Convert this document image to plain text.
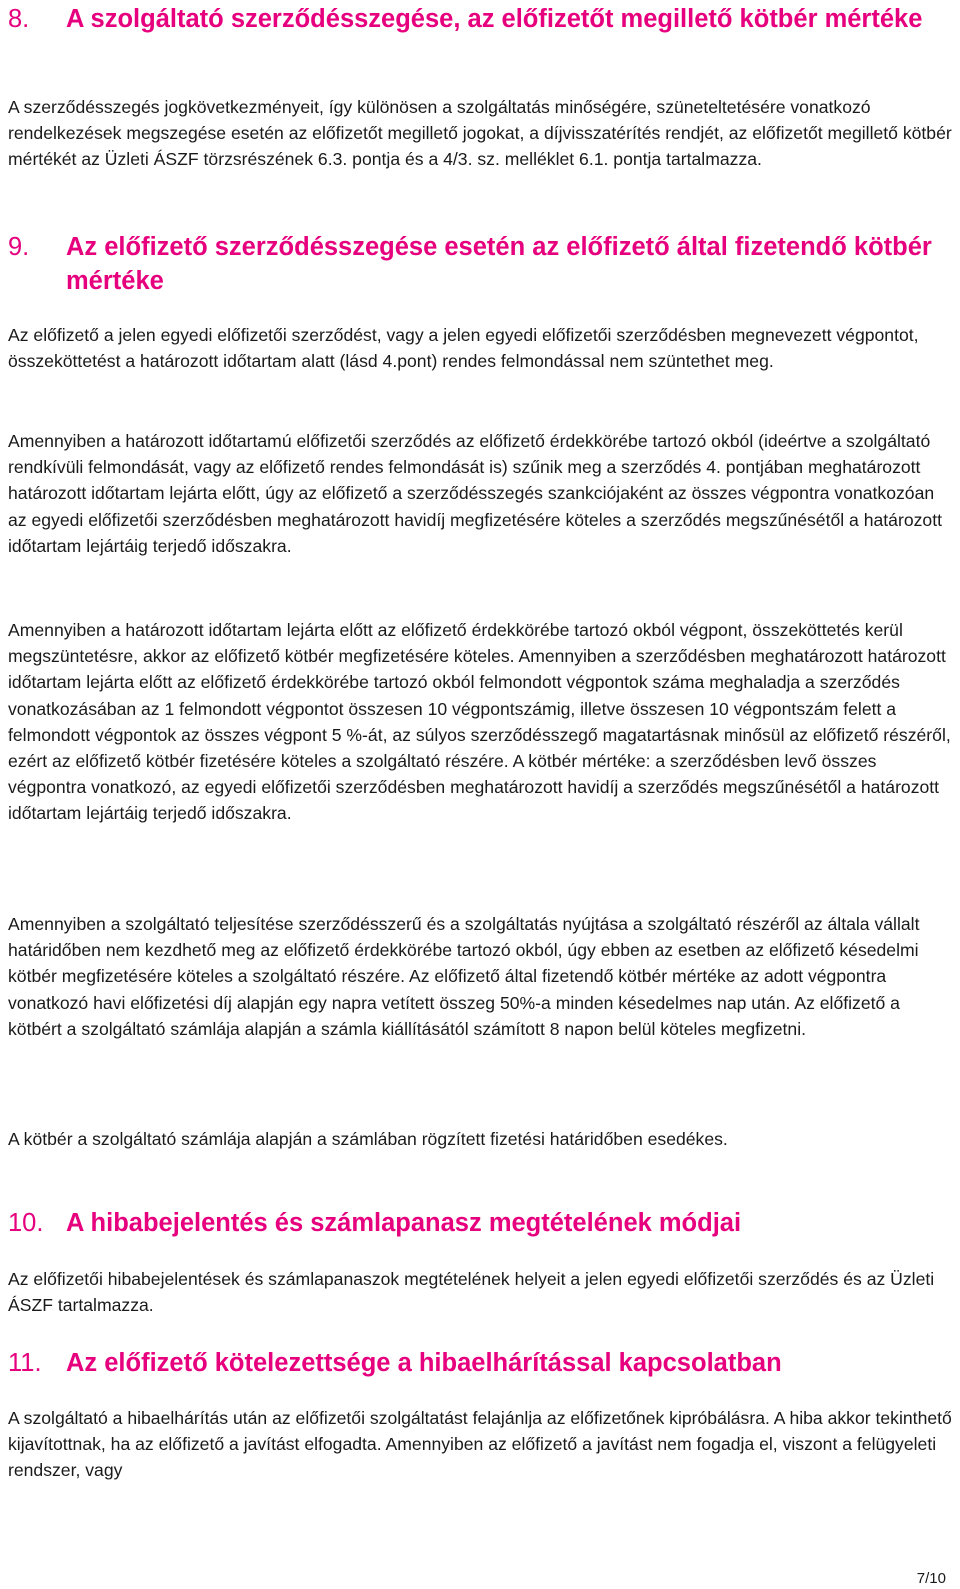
8.	A szolgáltató szerződésszegése, az előfizetőt megillető kötbér mértéke

A szerződésszegés jogkövetkezményeit, így különösen a szolgáltatás minőségére, szüneteltetésére vonatkozó rendelkezések megszegése esetén az előfizetőt megillető jogokat, a díjvisszatérítés rendjét, az előfizetőt megillető kötbér mértékét az Üzleti ÁSZF törzsrészének 6.3. pontja és a 4/3. sz. melléklet 6.1. pontja tartalmazza.

9.	Az előfizető szerződésszegése esetén az előfizető által fizetendő kötbér mértéke

Az előfizető a jelen egyedi előfizetői szerződést, vagy a jelen egyedi előfizetői szerződésben megnevezett végpontot, összeköttetést a határozott időtartam alatt (lásd 4.pont) rendes felmondással nem szüntethet meg.

Amennyiben a határozott időtartamú előfizetői szerződés az előfizető érdekkörébe tartozó okból (ideértve a szolgáltató rendkívüli felmondását, vagy az előfizető rendes felmondását is) szűnik meg a szerződés 4. pontjában meghatározott határozott időtartam lejárta előtt, úgy az előfizető a szerződésszegés szankciójaként az összes végpontra vonatkozóan az egyedi előfizetői szerződésben meghatározott havidíj megfizetésére köteles a szerződés megszűnésétől a határozott időtartam lejártáig terjedő időszakra.

Amennyiben a határozott időtartam lejárta előtt az előfizető érdekkörébe tartozó okból végpont, összeköttetés kerül megszüntetésre, akkor az előfizető kötbér megfizetésére köteles. Amennyiben a szerződésben meghatározott határozott időtartam lejárta előtt az előfizető érdekkörébe tartozó okból felmondott végpontok száma meghaladja a szerződés vonatkozásában az 1 felmondott végpontot összesen 10 végpontszámig, illetve összesen 10 végpontszám felett a felmondott végpontok az összes végpont 5 %-át, az súlyos szerződésszegő magatartásnak minősül az előfizető részéről, ezért az előfizető kötbér fizetésére köteles a szolgáltató részére. A kötbér mértéke: a szerződésben levő összes végpontra vonatkozó, az egyedi előfizetői szerződésben meghatározott havidíj a szerződés megszűnésétől a határozott időtartam lejártáig terjedő időszakra.

Amennyiben a szolgáltató teljesítése szerződésszerű és a szolgáltatás nyújtása a szolgáltató részéről az általa vállalt határidőben nem kezdhető meg az előfizető érdekkörébe tartozó okból, úgy ebben az esetben az előfizető késedelmi kötbér megfizetésére köteles a szolgáltató részére. Az előfizető által fizetendő kötbér mértéke az adott végpontra vonatkozó havi előfizetési díj alapján egy napra vetített összeg 50%-a minden késedelmes nap után. Az előfizető a kötbért a szolgáltató számlája alapján a számla kiállításától számított 8 napon belül köteles megfizetni.

A kötbér a szolgáltató számlája alapján a számlában rögzített fizetési határidőben esedékes.

10. A hibabejelentés és számlapanasz megtételének módjai

Az előfizetői hibabejelentések és számlapanaszok megtételének helyeit a jelen egyedi előfizetői szerződés és az Üzleti ÁSZF tartalmazza.

11. Az előfizető kötelezettsége a hibaelhárítással kapcsolatban

A szolgáltató a hibaelhárítás után az előfizetői szolgáltatást felajánlja az előfizetőnek kipróbálásra. A hiba akkor tekinthető kijavítottnak, ha az előfizető a javítást elfogadta. Amennyiben az előfizető a javítást nem fogadja el, viszont a felügyeleti rendszer, vagy

7/10
